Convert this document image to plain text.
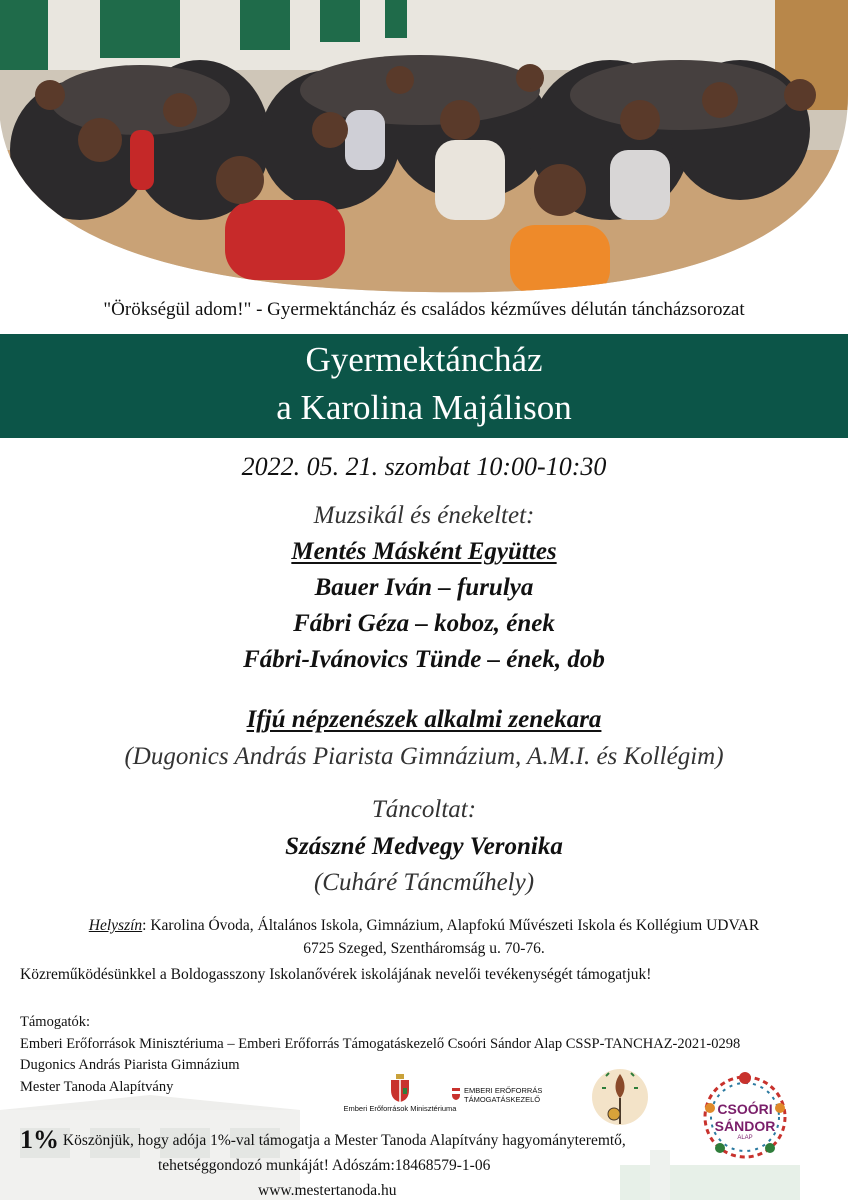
"Örökségül adom!" - Gyermektáncház és családos kézműves délután táncházsorozat
Gyermektáncház
a Karolina Majálison
2022. 05. 21. szombat 10:00-10:30
Muzsikál és énekeltet:
Mentés Másként Együttes
Bauer Iván – furulya
Fábri Géza – koboz, ének
Fábri-Ivánovics Tünde – ének, dob
Ifjú népzenészek alkalmi zenekara
(Dugonics András Piarista Gimnázium, A.M.I. és Kollégim)
Táncoltat:
Szászné Medvegy Veronika
(Cuháré Táncműhely)
Helyszín: Karolina Óvoda, Általános Iskola, Gimnázium, Alapfokú Művészeti Iskola és Kollégium UDVAR
6725 Szeged, Szentháromság u. 70-76.
Közreműködésünkkel a Boldogasszony Iskolanővérek iskolájának nevelői tevékenységét támogatjuk!
Támogatók:
Emberi Erőforrások Minisztériuma – Emberi Erőforrás Támogatáskezelő Csoóri Sándor Alap CSSP-TANCHAZ-2021-0298
Dugonics András Piarista Gimnázium
Mester Tanoda Alapítvány
Emberi Erőforrások Minisztériuma
EMBERI ERŐFORRÁS
TÁMOGATÁSKEZELŐ
CSOÓRI
SÁNDOR
ALAP
1% Köszönjük, hogy adója 1%-val támogatja a Mester Tanoda Alapítvány hagyományteremtő,
tehetséggondozó munkáját! Adószám:18468579-1-06
www.mestertanoda.hu
